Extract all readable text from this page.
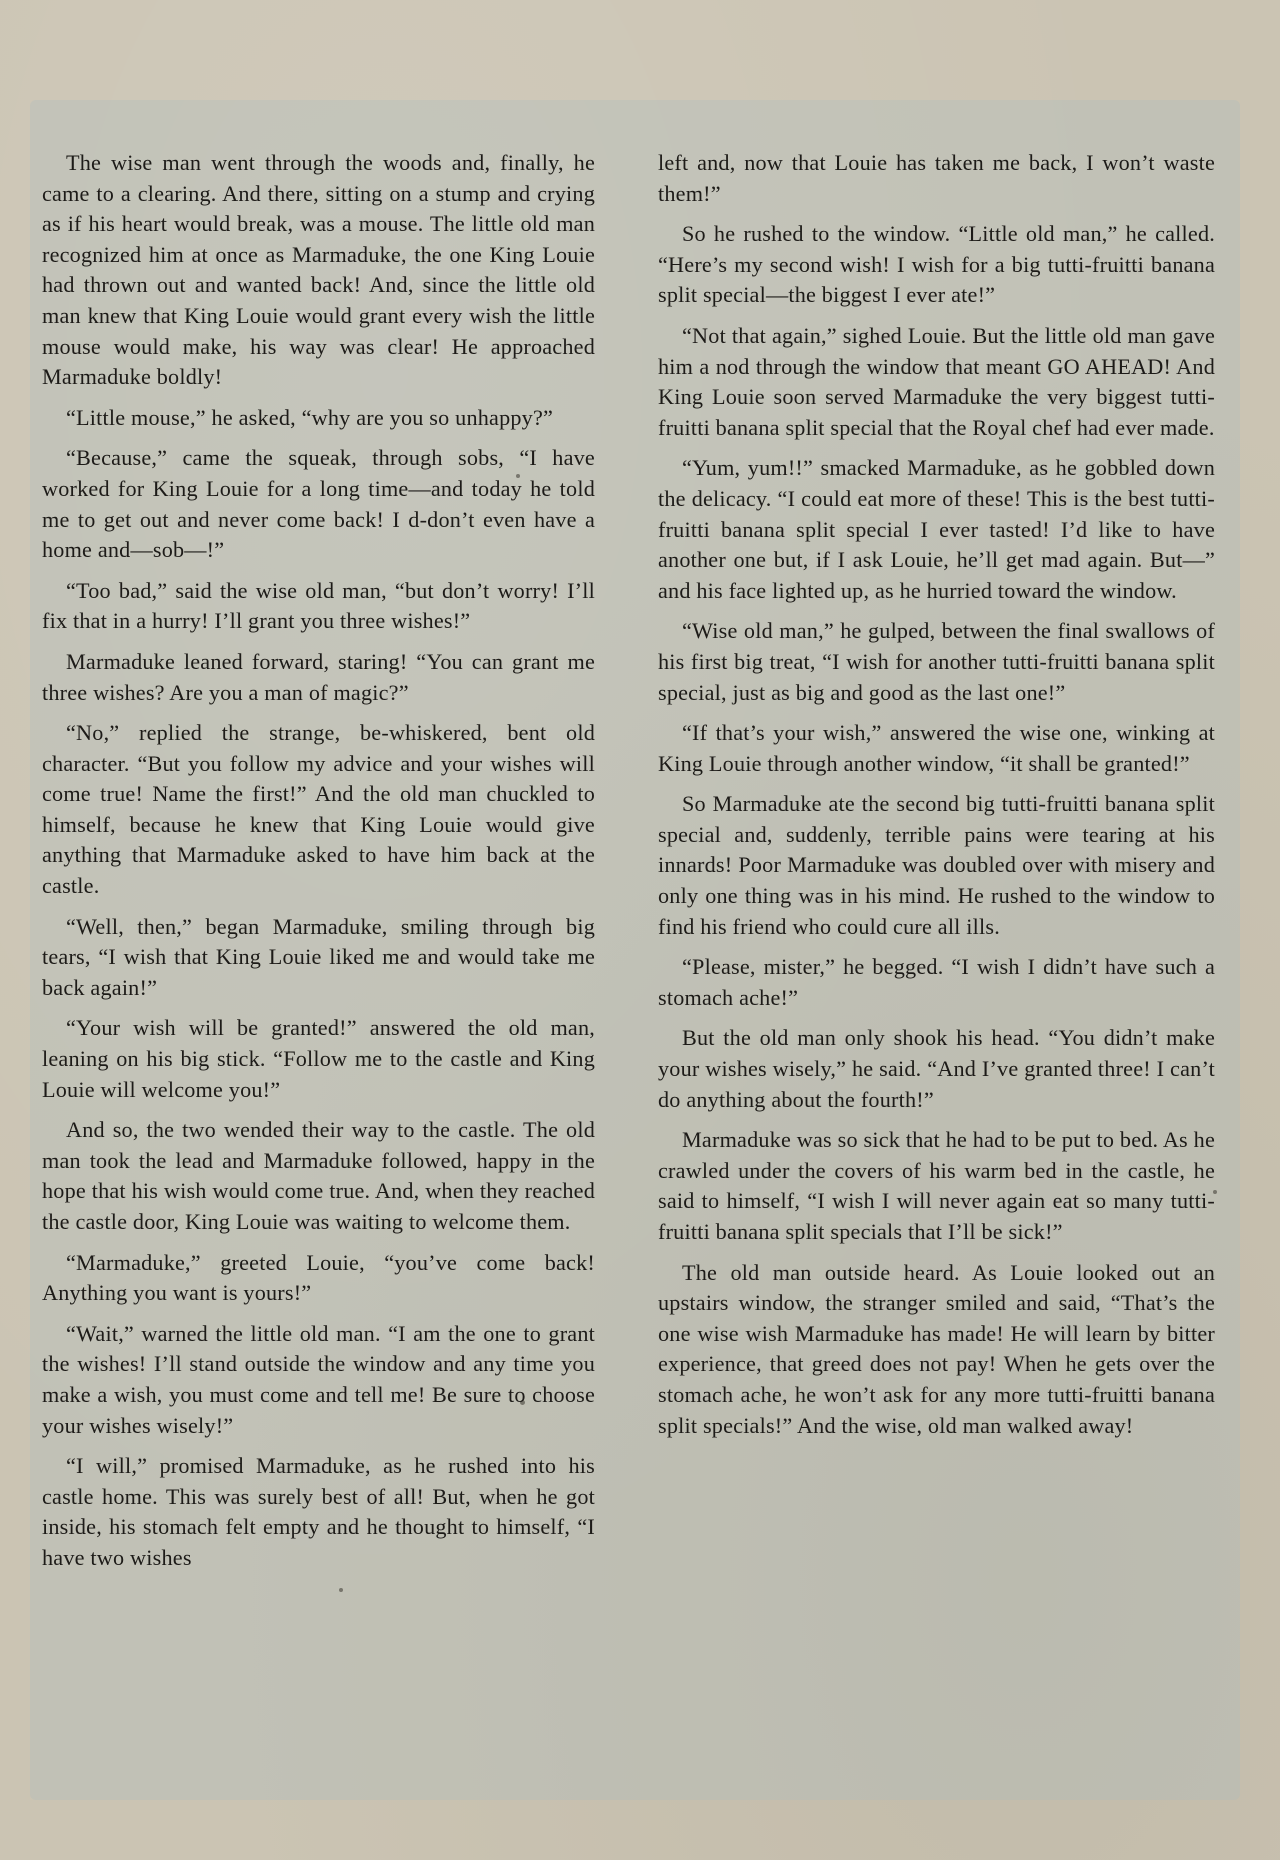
The wise man went through the woods and, finally, he came to a clearing. And there, sitting on a stump and crying as if his heart would break, was a mouse. The little old man recognized him at once as Marmaduke, the one King Louie had thrown out and wanted back! And, since the little old man knew that King Louie would grant every wish the little mouse would make, his way was clear! He approached Marmaduke boldly!

“Little mouse,” he asked, “why are you so unhappy?”

“Because,” came the squeak, through sobs, “I have worked for King Louie for a long time—and today he told me to get out and never come back! I d-don’t even have a home and—sob—!”

“Too bad,” said the wise old man, “but don’t worry! I’ll fix that in a hurry! I’ll grant you three wishes!”

Marmaduke leaned forward, staring! “You can grant me three wishes? Are you a man of magic?”

“No,” replied the strange, be-whiskered, bent old character. “But you follow my advice and your wishes will come true! Name the first!” And the old man chuckled to himself, because he knew that King Louie would give anything that Marmaduke asked to have him back at the castle.

“Well, then,” began Marmaduke, smiling through big tears, “I wish that King Louie liked me and would take me back again!”

“Your wish will be granted!” answered the old man, leaning on his big stick. “Follow me to the castle and King Louie will welcome you!”

And so, the two wended their way to the castle. The old man took the lead and Marmaduke followed, happy in the hope that his wish would come true. And, when they reached the castle door, King Louie was waiting to welcome them.

“Marmaduke,” greeted Louie, “you’ve come back! Anything you want is yours!”

“Wait,” warned the little old man. “I am the one to grant the wishes! I’ll stand outside the window and any time you make a wish, you must come and tell me! Be sure to choose your wishes wisely!”

“I will,” promised Marmaduke, as he rushed into his castle home. This was surely best of all! But, when he got inside, his stomach felt empty and he thought to himself, “I have two wishes

left and, now that Louie has taken me back, I won’t waste them!”

So he rushed to the window. “Little old man,” he called. “Here’s my second wish! I wish for a big tutti-fruitti banana split special—the biggest I ever ate!”

“Not that again,” sighed Louie. But the little old man gave him a nod through the window that meant GO AHEAD! And King Louie soon served Marmaduke the very biggest tutti-fruitti banana split special that the Royal chef had ever made.

“Yum, yum!!” smacked Marmaduke, as he gobbled down the delicacy. “I could eat more of these! This is the best tutti-fruitti banana split special I ever tasted! I’d like to have another one but, if I ask Louie, he’ll get mad again. But—” and his face lighted up, as he hurried toward the window.

“Wise old man,” he gulped, between the final swallows of his first big treat, “I wish for another tutti-fruitti banana split special, just as big and good as the last one!”

“If that’s your wish,” answered the wise one, winking at King Louie through another window, “it shall be granted!”

So Marmaduke ate the second big tutti-fruitti banana split special and, suddenly, terrible pains were tearing at his innards! Poor Marmaduke was doubled over with misery and only one thing was in his mind. He rushed to the window to find his friend who could cure all ills.

“Please, mister,” he begged. “I wish I didn’t have such a stomach ache!”

But the old man only shook his head. “You didn’t make your wishes wisely,” he said. “And I’ve granted three! I can’t do anything about the fourth!”

Marmaduke was so sick that he had to be put to bed. As he crawled under the covers of his warm bed in the castle, he said to himself, “I wish I will never again eat so many tutti-fruitti banana split specials that I’ll be sick!”

The old man outside heard. As Louie looked out an upstairs window, the stranger smiled and said, “That’s the one wise wish Marmaduke has made! He will learn by bitter experience, that greed does not pay! When he gets over the stomach ache, he won’t ask for any more tutti-fruitti banana split specials!” And the wise, old man walked away!
